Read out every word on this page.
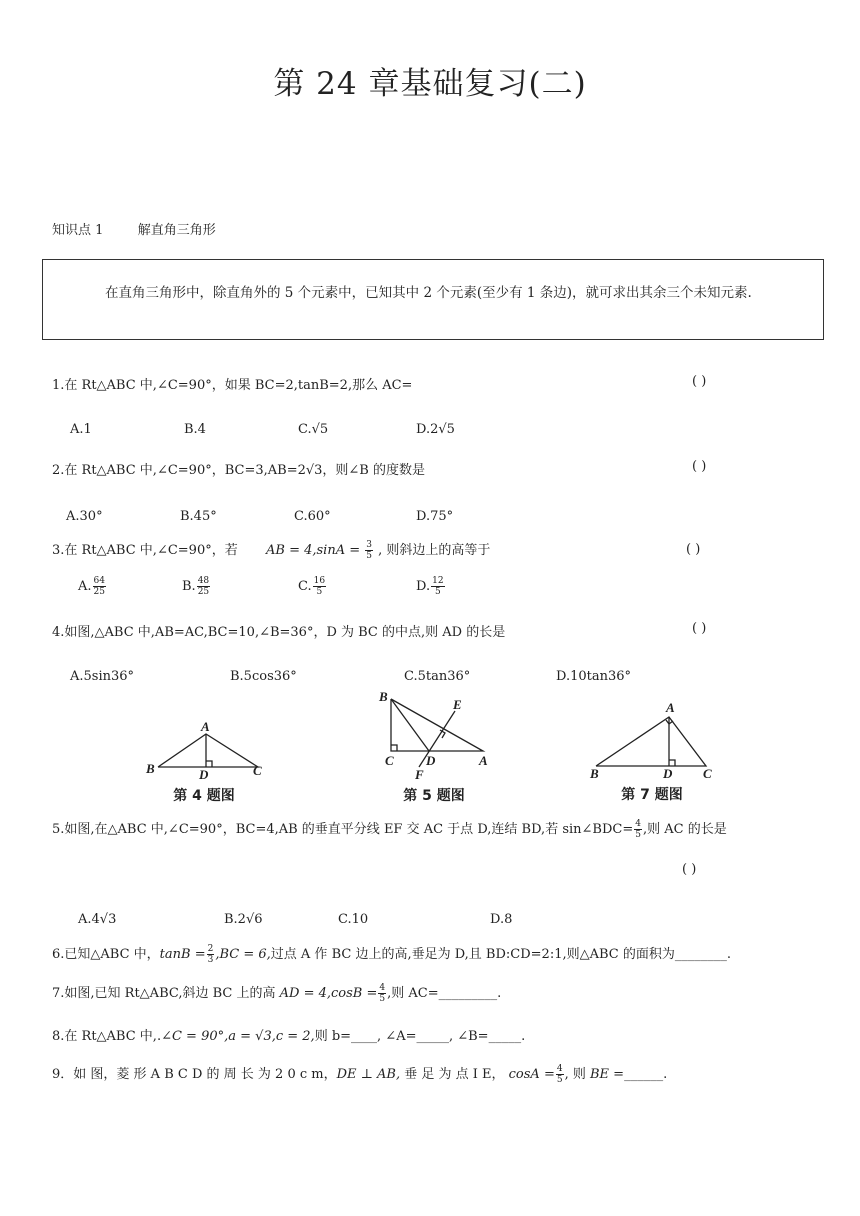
第 24 章基础复习(二)
知识点 1	解直角三角形
在直角三角形中，除直角外的 5 个元素中，已知其中 2 个元素(至少有 1 条边)，就可求出其余三个未知元素.
1.在 Rt△ABC 中,∠C=90°，如果 BC=2,tanB=2,那么 AC=	( )
A.1	B.4	C.√5	D.2√5
2.在 Rt△ABC 中,∠C=90°，BC=3,AB=2√3，则∠B 的度数是	( )
A.30°	B.45°	C.60°	D.75°
3.在 Rt△ABC 中,∠C=90°，若 AB = $4,\sin A = \frac{3}{5}$ , 则斜边上的高等于	( )
A. $\frac{64}{25}$	B. $\frac{48}{25}$	C. $\frac{16}{5}$	D. $\frac{12}{5}$
4.如图,△ABC 中,AB=AC,BC=10,∠B=36°，D 为 BC 的中点,则 AD 的长是	( )
A.5sin36°	B.5cos36°	C.5tan36°	D.10tan36°
A
B	C
D
第 4 题图
B
E
C D	A
F
第 5 题图
A
B	D C
第 7 题图
5.如图,在△ABC 中,∠C=90°，BC=4,AB 的垂直平分线 EF 交 AC 于点 D,连结 BD,若 sin∠BDC= $\frac{4}{5}$ ,则 AC 的长是
( )
A.4√3	B.2√6	C.10	D.8
6.已知△ABC 中，$\tan B = \frac{2}{3} ,BC = 6$,过点 A 作 BC 边上的高,垂足为 D,且 BD:CD=2:1,则△ABC 的面积为________.
7.如图,已知 Rt△ABC,斜边 BC 上的高 AD = $4,\cos B = \frac{4}{5}$ ,则 AC=_________.
8.在 Rt△ABC 中,.∠C = 90°,a = √3,c = 2,则 b=____, ∠A=_____, ∠B=_____.
9．如 图，菱 形 A B C D 的 周 长 为 2 0 c m，DE ⊥ AB, 垂 足 为 点 I E， $\cos A = \frac{4}{5}$ , 则 BE =______.
